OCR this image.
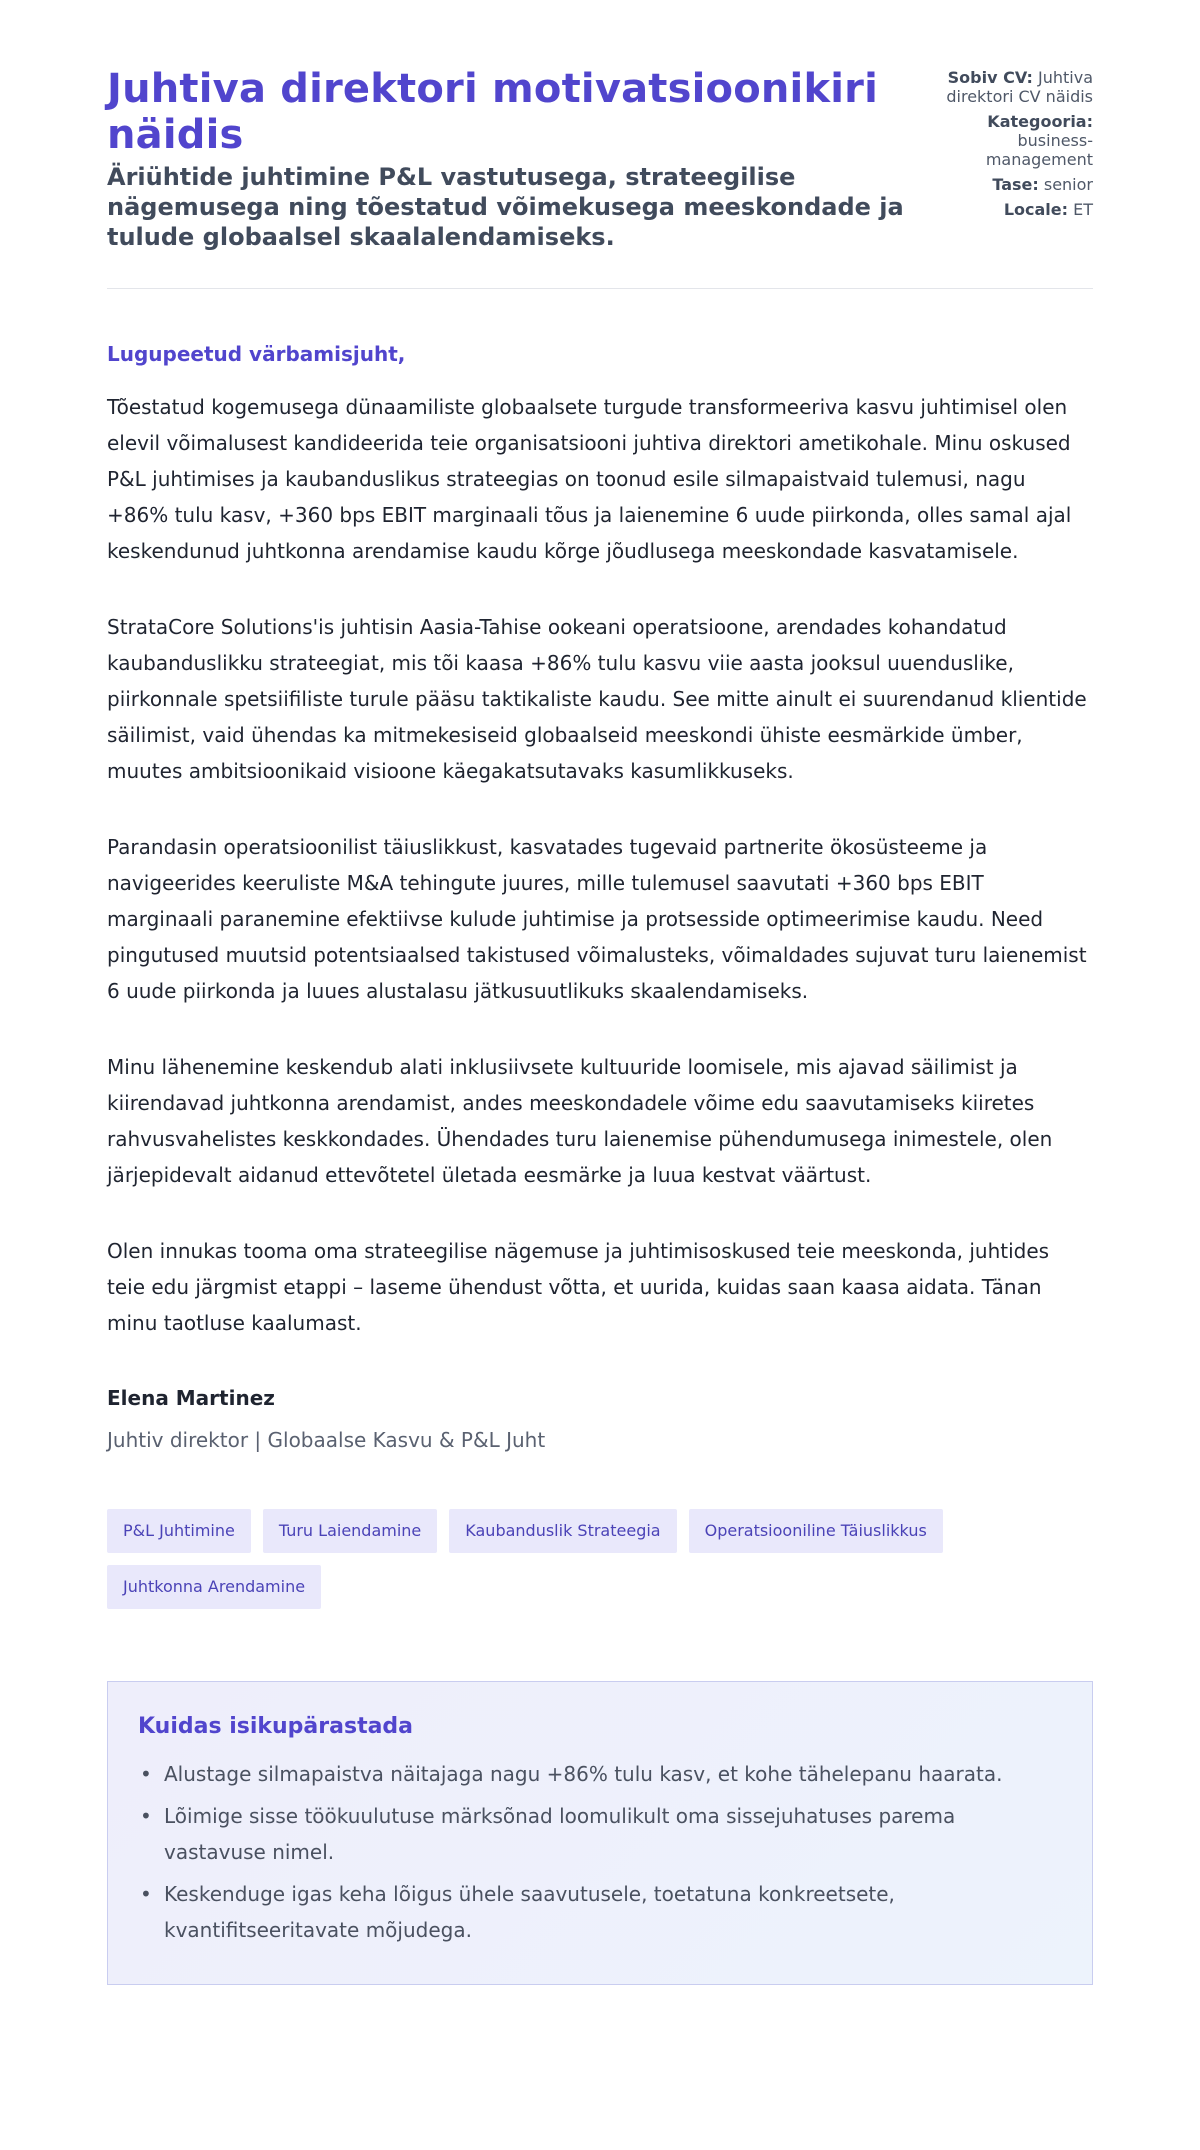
Juhtiva direktori motivatsioonikiri näidis
Äriühtide juhtimine P&L vastutusega, strateegilise nägemusega ning tõestatud võimekusega meeskondade ja tulude globaalsel skaalalendamiseks.
Sobiv CV: Juhtiva direktori CV näidis
Kategooria: business-management
Tase: senior
Locale: ET
Lugupeetud värbamisjuht,

Tõestatud kogemusega dünaamiliste globaalsete turgude transformeeriva kasvu juhtimisel olen elevil võimalusest kandideerida teie organisatsiooni juhtiva direktori ametikohale. Minu oskused P&L juhtimises ja kaubanduslikus strateegias on toonud esile silmapaistvaid tulemusi, nagu +86% tulu kasv, +360 bps EBIT marginaali tõus ja laienemine 6 uude piirkonda, olles samal ajal keskendunud juhtkonna arendamise kaudu kõrge jõudlusega meeskondade kasvatamisele.

StrataCore Solutions'is juhtisin Aasia-Tahise ookeani operatsioone, arendades kohandatud kaubanduslikku strateegiat, mis tõi kaasa +86% tulu kasvu viie aasta jooksul uuenduslike, piirkonnale spetsiifiliste turule pääsu taktikaliste kaudu. See mitte ainult ei suurendanud klientide säilimist, vaid ühendas ka mitmekesiseid globaalseid meeskondi ühiste eesmärkide ümber, muutes ambitsioonikaid visioone käegakatsutavaks kasumlikkuseks.

Parandasin operatsioonilist täiuslikkust, kasvatades tugevaid partnerite ökosüsteeme ja navigeerides keeruliste M&A tehingute juures, mille tulemusel saavutati +360 bps EBIT marginaali paranemine efektiivse kulude juhtimise ja protsesside optimeerimise kaudu. Need pingutused muutsid potentsiaalsed takistused võimalusteks, võimaldades sujuvat turu laienemist 6 uude piirkonda ja luues alustalasu jätkusuutlikuks skaalendamiseks.

Minu lähenemine keskendub alati inklusiivsete kultuuride loomisele, mis ajavad säilimist ja kiirendavad juhtkonna arendamist, andes meeskondadele võime edu saavutamiseks kiiretes rahvusvahelistes keskkondades. Ühendades turu laienemise pühendumusega inimestele, olen järjepidevalt aidanud ettevõtetel ületada eesmärke ja luua kestvat väärtust.

Olen innukas tooma oma strateegilise nägemuse ja juhtimisoskused teie meeskonda, juhtides teie edu järgmist etappi – laseme ühendust võtta, et uurida, kuidas saan kaasa aidata. Tänan minu taotluse kaalumast.

Elena Martinez
Juhtiv direktor | Globaalse Kasvu & P&L Juht
P&L Juhtimine	Turu Laiendamine	Kaubanduslik Strateegia	Operatsiooniline Täiuslikkus
Juhtkonna Arendamine
Kuidas isikupärastada
• Alustage silmapaistva näitajaga nagu +86% tulu kasv, et kohe tähelepanu haarata.
• Lõimige sisse töökuulutuse märksõnad loomulikult oma sissejuhatuses parema vastavuse nimel.
• Keskenduge igas keha lõigus ühele saavutusele, toetatuna konkreetsete, kvantifitseeritavate mõjudega.
